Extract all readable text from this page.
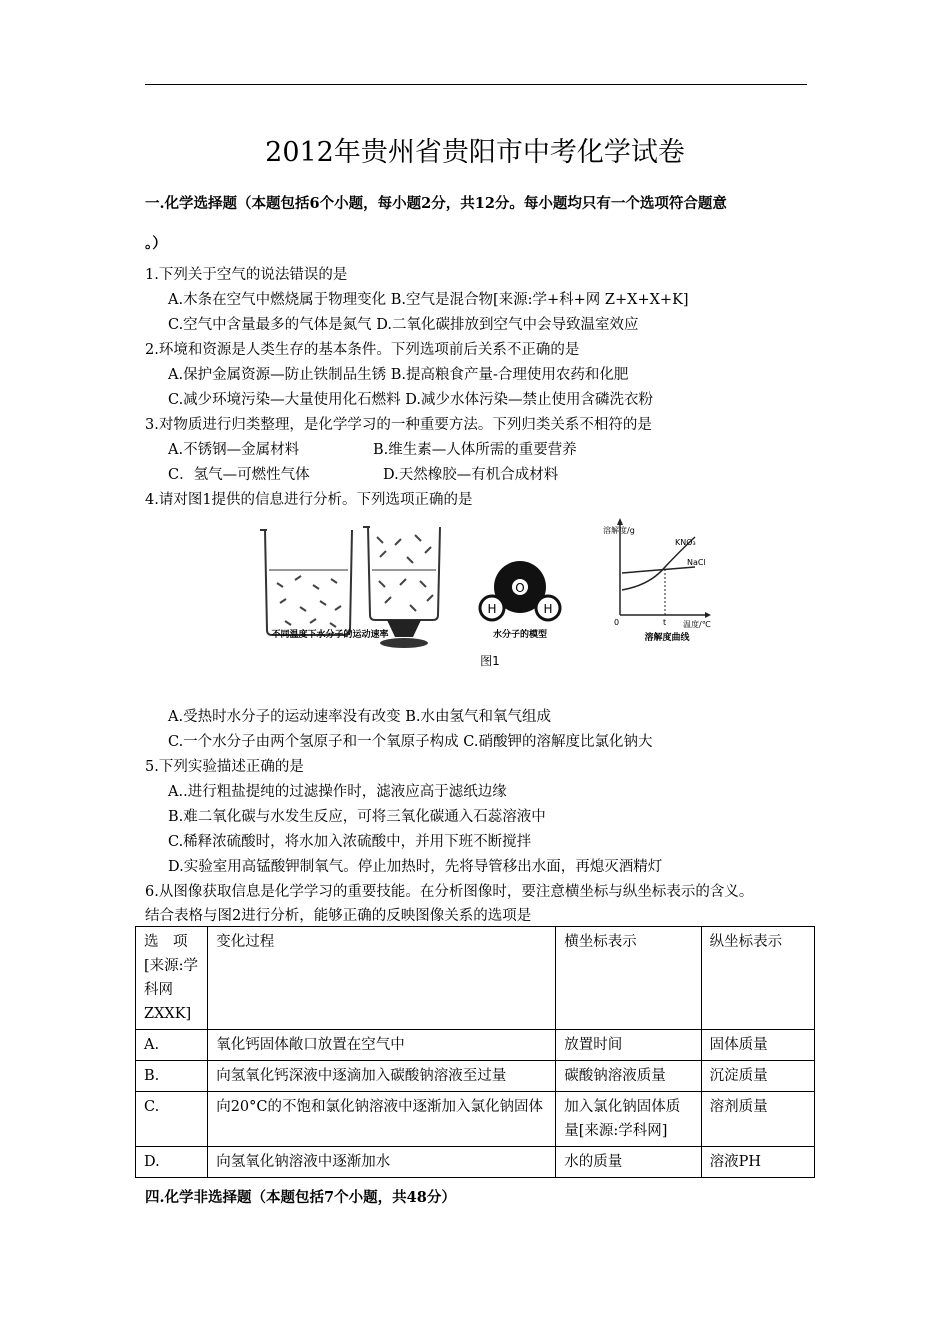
2012年贵州省贵阳市中考化学试卷
一.化学选择题（本题包括6个小题，每小题2分，共12分。每小题均只有一个选项符合题意
。）
1.下列关于空气的说法错误的是
A.木条在空气中燃烧属于物理变化 B.空气是混合物[来源:学+科+网 Z+X+X+K]
C.空气中含量最多的气体是氮气 D.二氧化碳排放到空气中会导致温室效应
2.环境和资源是人类生存的基本条件。下列选项前后关系不正确的是
A.保护金属资源—防止铁制品生锈 B.提高粮食产量-合理使用农药和化肥
C.减少环境污染—大量使用化石燃料 D.减少水体污染—禁止使用含磷洗衣粉
3.对物质进行归类整理，是化学学习的一种重要方法。下列归类关系不相符的是
A.不锈钢—金属材料	B.维生素—人体所需的重要营养
C．氢气—可燃性气体	D.天然橡胶—有机合成材料
4.请对图1提供的信息进行分析。下列选项正确的是
O
H	H
溶解度/g
温度/℃
KNO₃
NaCl
0	t
不同温度下水分子的运动速率	水分子的模型	溶解度曲线
图1
A.受热时水分子的运动速率没有改变 B.水由氢气和氧气组成
C.一个水分子由两个氢原子和一个氧原子构成 C.硝酸钾的溶解度比氯化钠大
5.下列实验描述正确的是
A..进行粗盐提纯的过滤操作时，滤液应高于滤纸边缘
B.难二氧化碳与水发生反应，可将三氧化碳通入石蕊溶液中
C.稀释浓硫酸时，将水加入浓硫酸中，并用下班不断搅拌
D.实验室用高锰酸钾制氧气。停止加热时，先将导管移出水面，再熄灭酒精灯
6.从图像获取信息是化学学习的重要技能。在分析图像时，要注意横坐标与纵坐标表示的含义。
结合表格与图2进行分析，能够正确的反映图像关系的选项是
选　项[来源:学科网ZXXK]	变化过程	横坐标表示	纵坐标表示
A.	氧化钙固体敞口放置在空气中	放置时间	固体质量
B.	向氢氧化钙深液中逐滴加入碳酸钠溶液至过量	碳酸钠溶液质量	沉淀质量
C.	向20°C的不饱和氯化钠溶液中逐渐加入氯化钠固体	加入氯化钠固体质量[来源:学科网]	溶剂质量
D.	向氢氧化钠溶液中逐渐加水	水的质量	溶液PH
四.化学非选择题（本题包括7个小题，共48分）
